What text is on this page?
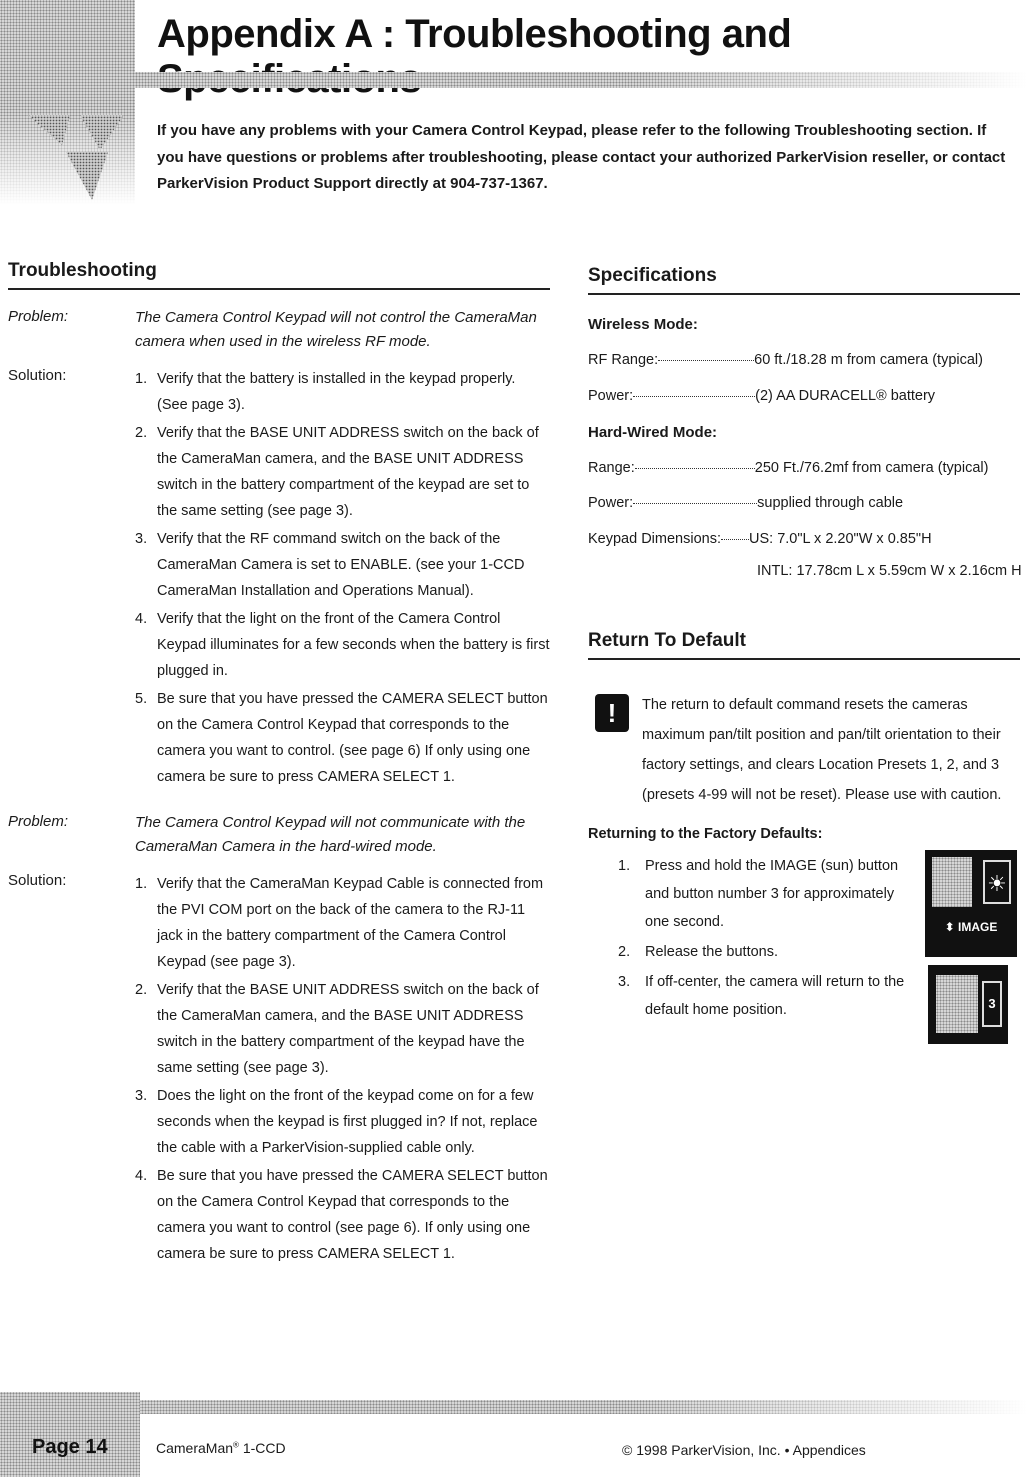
Appendix A : Troubleshooting and

If you have any problems with your Camera Control Keypad, please refer to the following Troubleshooting section. If you have questions or problems after troubleshooting, please contact your authorized ParkerVision reseller, or contact ParkerVision Product Support directly at 904-737-1367.

Troubleshooting
Problem:	The Camera Control Keypad will not control the CameraMan camera when used in the wireless RF mode.

Solution:	1. Verify that the battery is installed in the keypad properly. (See page 3).
2. Verify that the BASE UNIT ADDRESS switch on the back of the CameraMan camera, and the BASE UNIT ADDRESS switch in the battery compartment of the keypad are set to the same setting (see page 3).
3. Verify that the RF command switch on the back of the CameraMan Camera is set to ENABLE. (see your 1-CCD CameraMan Installation and Operations Manual).
4. Verify that the light on the front of the Camera Control Keypad illuminates for a few seconds when the battery is first plugged in.
5. Be sure that you have pressed the CAMERA SELECT button on the Camera Control Keypad that corresponds to the camera you want to control. (see page 6) If only using one camera be sure to press CAMERA SELECT 1.
Problem:	The Camera Control Keypad will not communicate with the CameraMan Camera in the hard-wired mode.

Solution:	1. Verify that the CameraMan Keypad Cable is connected from the PVI COM port on the back of the camera to the RJ-11 jack in the battery compartment of the Camera Control Keypad (see page 3).
2. Verify that the BASE UNIT ADDRESS switch on the back of the CameraMan camera, and the BASE UNIT ADDRESS switch in the battery compartment of the keypad have the same setting (see page 3).
3. Does the light on the front of the keypad come on for a few seconds when the keypad is first plugged in? If not, replace the cable with a ParkerVision-supplied cable only.
4. Be sure that you have pressed the CAMERA SELECT button on the Camera Control Keypad that corresponds to the camera you want to control (see page 6). If only using one camera be sure to press CAMERA SELECT 1.
Specifications
Wireless Mode:
RF Range:	60 ft./18.28 m from camera (typical)
Power:	(2) AA DURACELL® battery
Hard-Wired Mode:
Range:	250 Ft./76.2mf from camera (typical)
Power:	supplied through cable
Keypad Dimensions: US: 7.0"L x 2.20"W x 0.85"H
INTL: 17.78cm L x 5.59cm W x 2.16cm H
Return To Default
!	The return to default command resets the cameras maximum pan/tilt position and pan/tilt orientation to their factory settings, and clears Location Presets 1, 2, and 3 (presets 4-99 will not be reset). Please use with caution.

Returning to the Factory Defaults:
1. Press and hold the IMAGE (sun) button and button number 3 for approximately one second.
2. Release the buttons.
3. If off-center, the camera will return to the default home position.
☀
⬍ IMAGE
3
Page 14	CameraMan® 1-CCD	© 1998 ParkerVision, Inc. • Appendices
